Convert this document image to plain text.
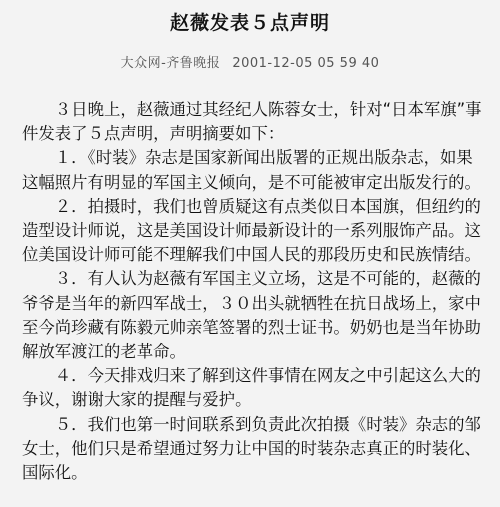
赵薇发表５点声明
大众网-齐鲁晚报 2001-12-05 05 59 40

３日晚上，赵薇通过其经纪人陈蓉女士，针对“日本军旗”事件发表了５点声明，声明摘要如下：

１．《时装》杂志是国家新闻出版署的正规出版杂志，如果这幅照片有明显的军国主义倾向，是不可能被审定出版发行的。

２．拍摄时，我们也曾质疑这有点类似日本国旗，但纽约的造型设计师说，这是美国设计师最新设计的一系列服饰产品。这位美国设计师可能不理解我们中国人民的那段历史和民族情结。

３．有人认为赵薇有军国主义立场，这是不可能的，赵薇的爷爷是当年的新四军战士，３０出头就牺牲在抗日战场上，家中至今尚珍藏有陈毅元帅亲笔签署的烈士证书。奶奶也是当年协助解放军渡江的老革命。

４．今天排戏归来了解到这件事情在网友之中引起这么大的争议，谢谢大家的提醒与爱护。

５．我们也第一时间联系到负责此次拍摄《时装》杂志的邹女士，他们只是希望通过努力让中国的时装杂志真正的时装化、国际化。
